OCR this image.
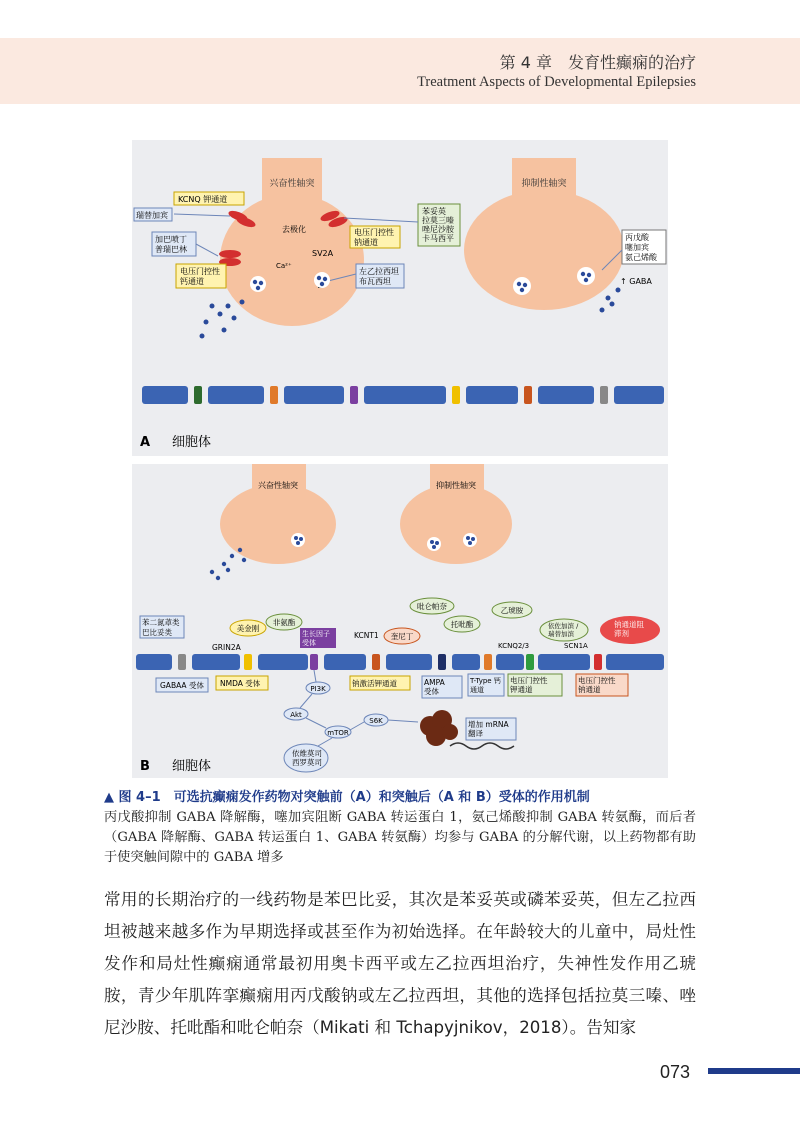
第 4 章　发育性癫痫的治疗
Treatment Aspects of Developmental Epilepsies
兴奋性轴突	抑制性轴突
KCNQ 钾通道
瑞替加宾
去极化	电压门控性钠通道
苯妥英拉莫三嗪唑尼沙胺卡马西平
加巴喷丁普瑞巴林
Ca²⁺
SV2A
左乙拉西坦布瓦西坦
电压门控性钙通道
丙戊酸噻加宾氨己烯酸
↑ GABA
A 细胞体
兴奋性轴突	抑制性轴突
苯二氮䓬类巴比妥类	美金刚
非氨酯
GRIN2A
生长因子受体
KCNT1
吡仑帕奈
奎尼丁
托吡酯
乙琥胺
依佐加滨 /瑞替加滨
KCNQ2/3	SCN1A
钠通道阻滞剂
GABAA 受体 NMDA 受体	钠激活钾通道	AMPA 受体
T-Type 钙通道
电压门控性钾通道
电压门控性钠通道
PI3K
Akt
mTOR
S6K	增加 mRNA 翻译
依维莫司西罗莫司
B 细胞体
▲ 图 4–1　可选抗癫痫发作药物对突触前（A）和突触后（A 和 B）受体的作用机制
丙戊酸抑制 GABA 降解酶，噻加宾阻断 GABA 转运蛋白 1，氨己烯酸抑制 GABA 转氨酶，而后者（GABA 降解酶、GABA 转运蛋白 1、GABA 转氨酶）均参与 GABA 的分解代谢，以上药物都有助于使突触间隙中的 GABA 增多
常用的长期治疗的一线药物是苯巴比妥，其次是苯妥英或磷苯妥英，但左乙拉西坦被越来越多作为早期选择或甚至作为初始选择。在年龄较大的儿童中，局灶性发作和局灶性癫痫通常最初用奥卡西平或左乙拉西坦治疗，失神性发作用乙琥胺，青少年肌阵挛癫痫用丙戊酸钠或左乙拉西坦，其他的选择包括拉莫三嗪、唑尼沙胺、托吡酯和吡仑帕奈（Mikati 和 Tchapyjnikov，2018）。告知家
073
